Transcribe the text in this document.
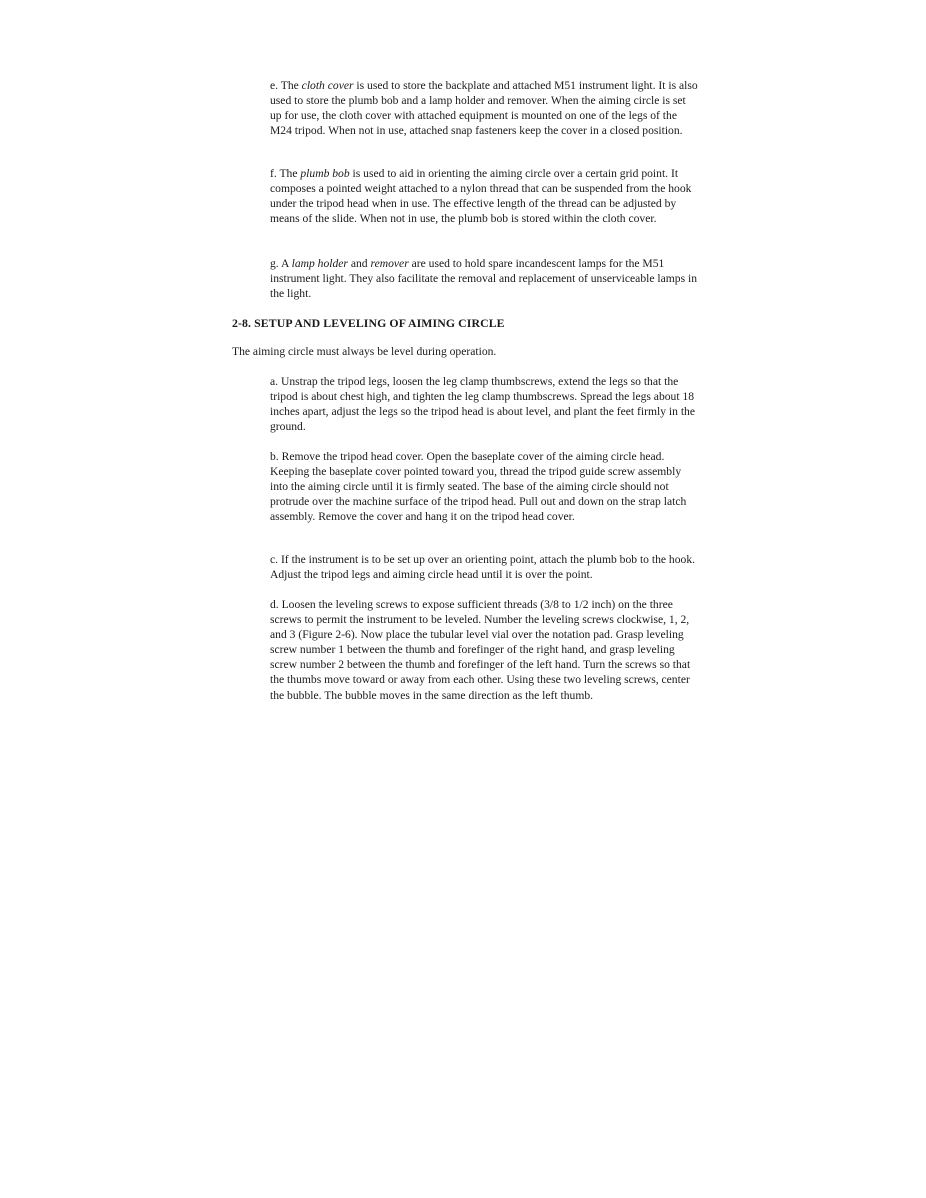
e. The cloth cover is used to store the backplate and attached M51 instrument light. It is also used to store the plumb bob and a lamp holder and remover. When the aiming circle is set up for use, the cloth cover with attached equipment is mounted on one of the legs of the M24 tripod. When not in use, attached snap fasteners keep the cover in a closed position.

f. The plumb bob is used to aid in orienting the aiming circle over a certain grid point. It composes a pointed weight attached to a nylon thread that can be suspended from the hook under the tripod head when in use. The effective length of the thread can be adjusted by means of the slide. When not in use, the plumb bob is stored within the cloth cover.

g. A lamp holder and remover are used to hold spare incandescent lamps for the M51 instrument light. They also facilitate the removal and replacement of unserviceable lamps in the light.

2-8. SETUP AND LEVELING OF AIMING CIRCLE

The aiming circle must always be level during operation.

a. Unstrap the tripod legs, loosen the leg clamp thumbscrews, extend the legs so that the tripod is about chest high, and tighten the leg clamp thumbscrews. Spread the legs about 18 inches apart, adjust the legs so the tripod head is about level, and plant the feet firmly in the ground.

b. Remove the tripod head cover. Open the baseplate cover of the aiming circle head. Keeping the baseplate cover pointed toward you, thread the tripod guide screw assembly into the aiming circle until it is firmly seated. The base of the aiming circle should not protrude over the machine surface of the tripod head. Pull out and down on the strap latch assembly. Remove the cover and hang it on the tripod head cover.

c. If the instrument is to be set up over an orienting point, attach the plumb bob to the hook. Adjust the tripod legs and aiming circle head until it is over the point.

d. Loosen the leveling screws to expose sufficient threads (3/8 to 1/2 inch) on the three screws to permit the instrument to be leveled. Number the leveling screws clockwise, 1, 2, and 3 (Figure 2-6). Now place the tubular level vial over the notation pad. Grasp leveling screw number 1 between the thumb and forefinger of the right hand, and grasp leveling screw number 2 between the thumb and forefinger of the left hand. Turn the screws so that the thumbs move toward or away from each other. Using these two leveling screws, center the bubble. The bubble moves in the same direction as the left thumb.
